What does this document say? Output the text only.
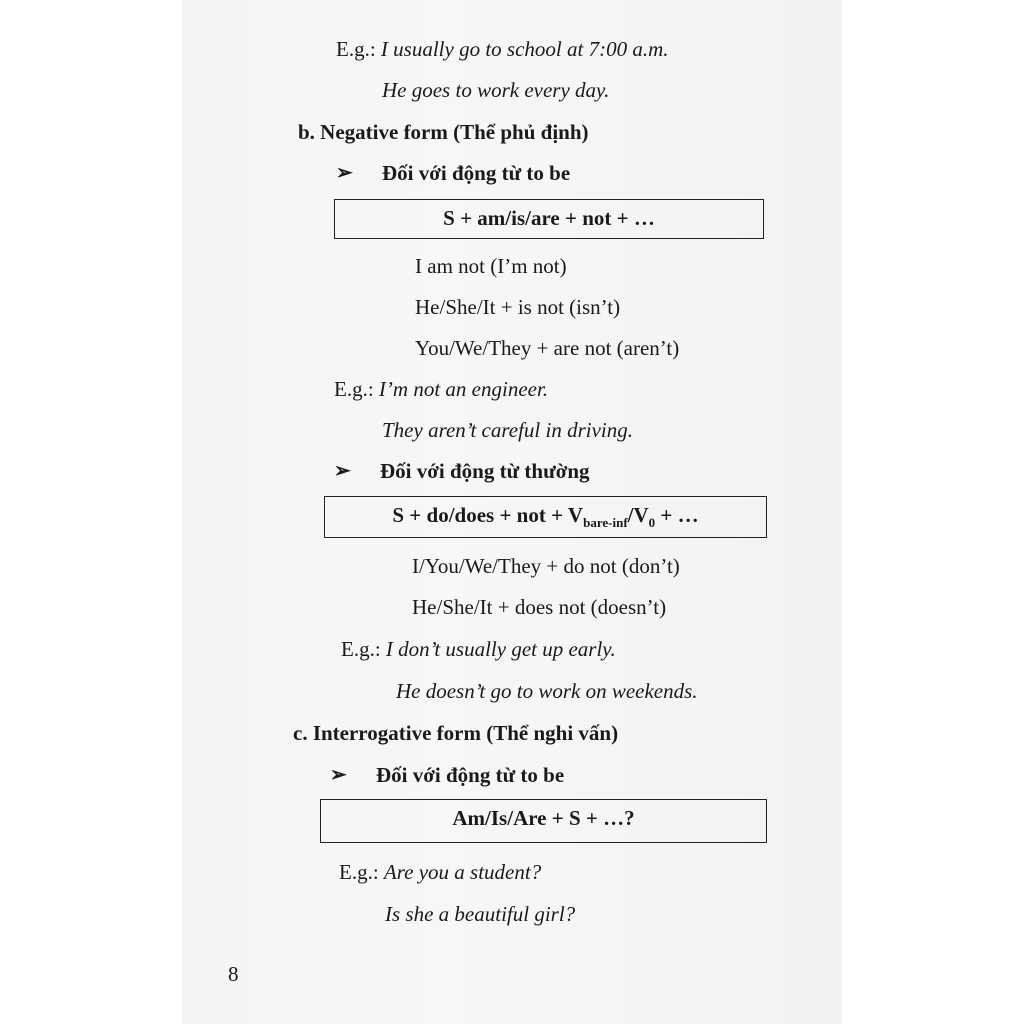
E.g.: I usually go to school at 7:00 a.m.
He goes to work every day.
b. Negative form (Thể phủ định)
➢ Đối với động từ to be
S + am/is/are + not + …
I am not (I’m not)
He/She/It + is not (isn’t)
You/We/They + are not (aren’t)
E.g.: I’m not an engineer.
They aren’t careful in driving.
➢ Đối với động từ thường
S + do/does + not + $V_{bare-inf}/V_0$ + …
I/You/We/They + do not (don’t)
He/She/It + does not (doesn’t)
E.g.: I don’t usually get up early.
He doesn’t go to work on weekends.
c. Interrogative form (Thể nghi vấn)
➢ Đối với động từ to be
Am/Is/Are + S + …?
E.g.: Are you a student?
Is she a beautiful girl?
8
